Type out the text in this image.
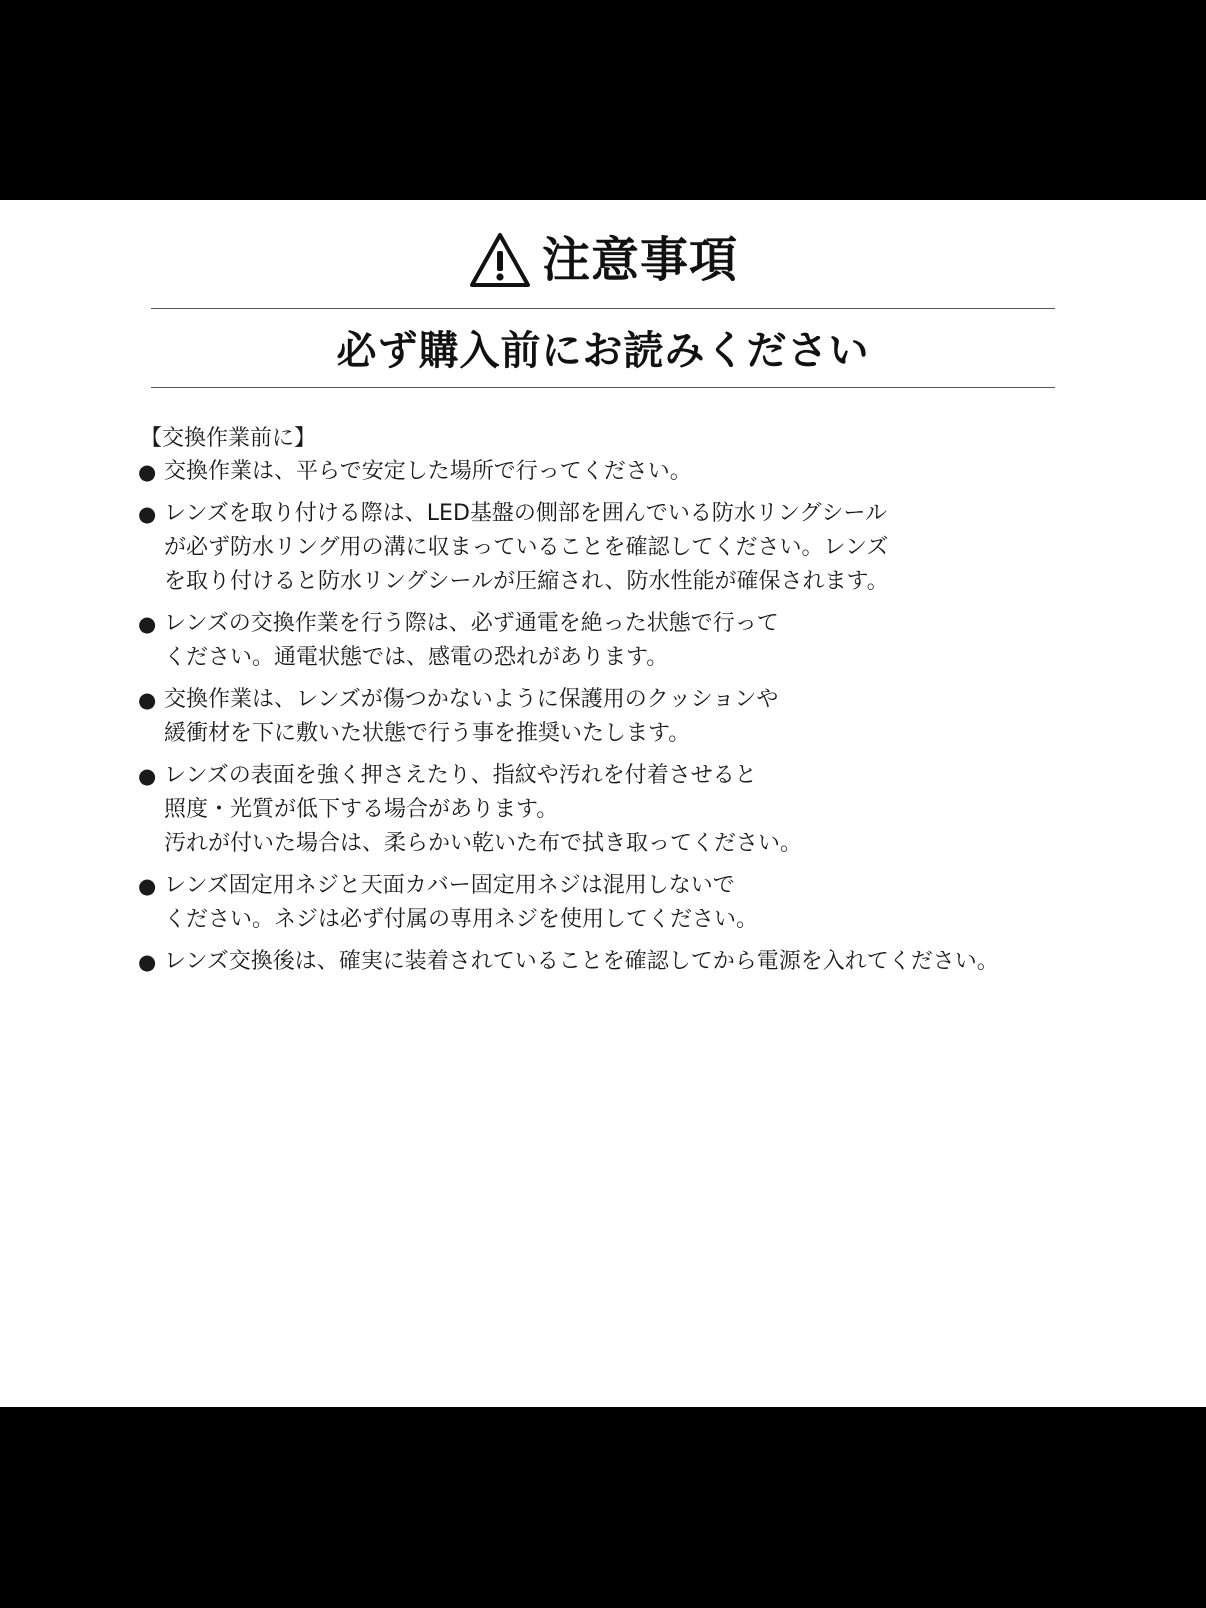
注意事項
必ず購入前にお読みください
【交換作業前に】
● 交換作業は、平らで安定した場所で行ってください。
● レンズを取り付ける際は、LED基盤の側部を囲んでいる防水リングシール
が必ず防水リング用の溝に収まっていることを確認してください。レンズ
を取り付けると防水リングシールが圧縮され、防水性能が確保されます。
● レンズの交換作業を行う際は、必ず通電を絶った状態で行って
ください。通電状態では、感電の恐れがあります。
● 交換作業は、レンズが傷つかないように保護用のクッションや
緩衝材を下に敷いた状態で行う事を推奨いたします。
● レンズの表面を強く押さえたり、指紋や汚れを付着させると
照度・光質が低下する場合があります。
汚れが付いた場合は、柔らかい乾いた布で拭き取ってください。
● レンズ固定用ネジと天面カバー固定用ネジは混用しないで
ください。ネジは必ず付属の専用ネジを使用してください。
● レンズ交換後は、確実に装着されていることを確認してから電源を入れてください。
